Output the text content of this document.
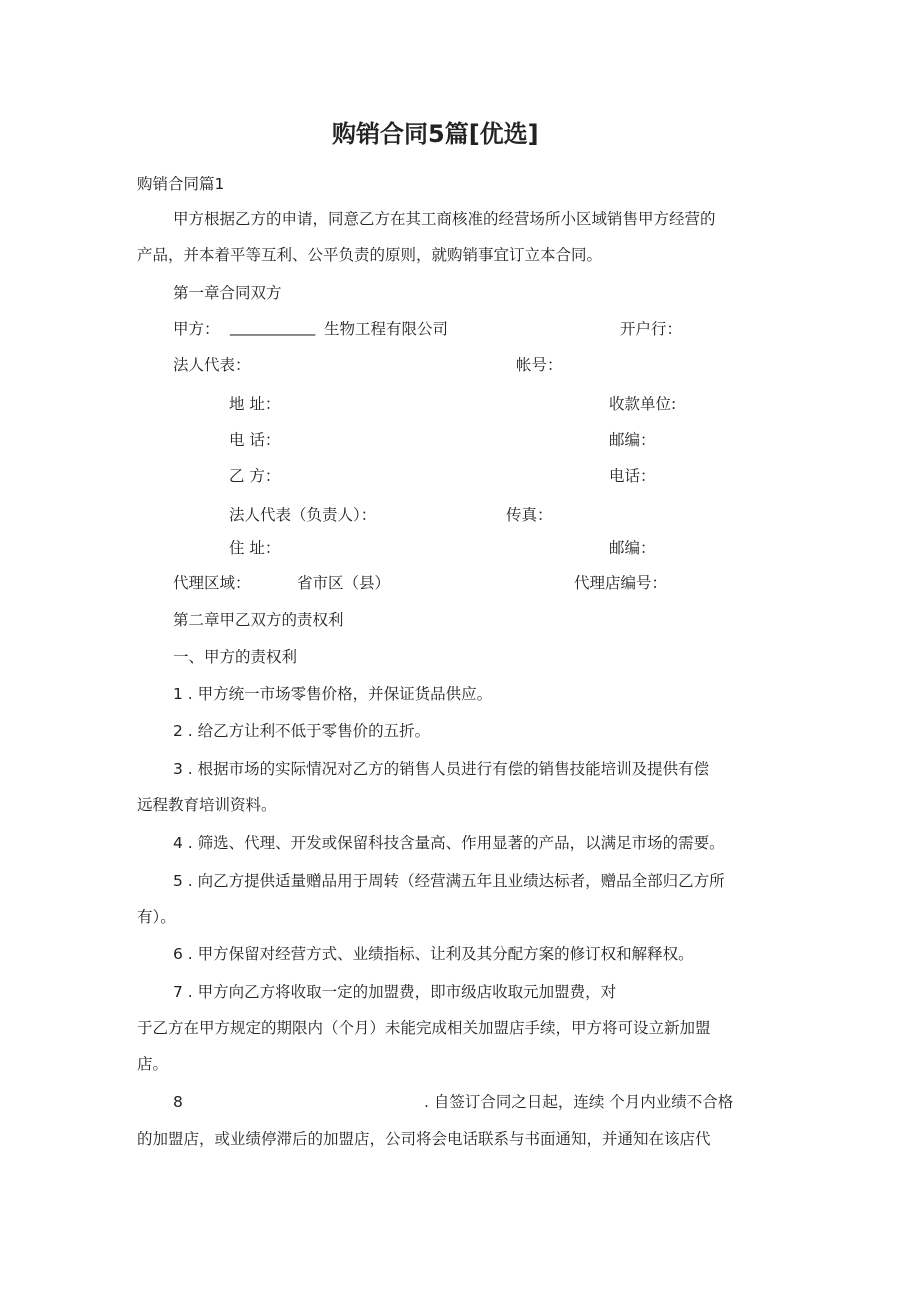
购销合同5篇[优选]
购销合同篇1
甲方根据乙方的申请，同意乙方在其工商核准的经营场所小区域销售甲方经营的
产品，并本着平等互利、公平负责的原则，就购销事宜订立本合同。
第一章合同双方
甲方： ___________ 生物工程有限公司	开户行：
法人代表：	帐号：
地 址：	收款单位:
电 话：	邮编：
乙 方：	电话：
法人代表（负责人）：	传真：
住 址：	邮编：
代理区域：	省市区（县）	代理店编号：
第二章甲乙双方的责权利
一、甲方的责权利
1 . 甲方统一市场零售价格，并保证货品供应。
2 . 给乙方让利不低于零售价的五折。
3 . 根据市场的实际情况对乙方的销售人员进行有偿的销售技能培训及提供有偿
远程教育培训资料。
4 . 筛选、代理、开发或保留科技含量高、作用显著的产品，以满足市场的需要。
5 . 向乙方提供适量赠品用于周转（经营满五年且业绩达标者，赠品全部归乙方所
有）。
6 . 甲方保留对经营方式、业绩指标、让利及其分配方案的修订权和解释权。
7 . 甲方向乙方将收取一定的加盟费，即市级店收取元加盟费，对
于乙方在甲方规定的期限内（个月）未能完成相关加盟店手续，甲方将可设立新加盟
店。
8	. 自签订合同之日起，连续 个月内业绩不合格
的加盟店，或业绩停滞后的加盟店，公司将会电话联系与书面通知，并通知在该店代
